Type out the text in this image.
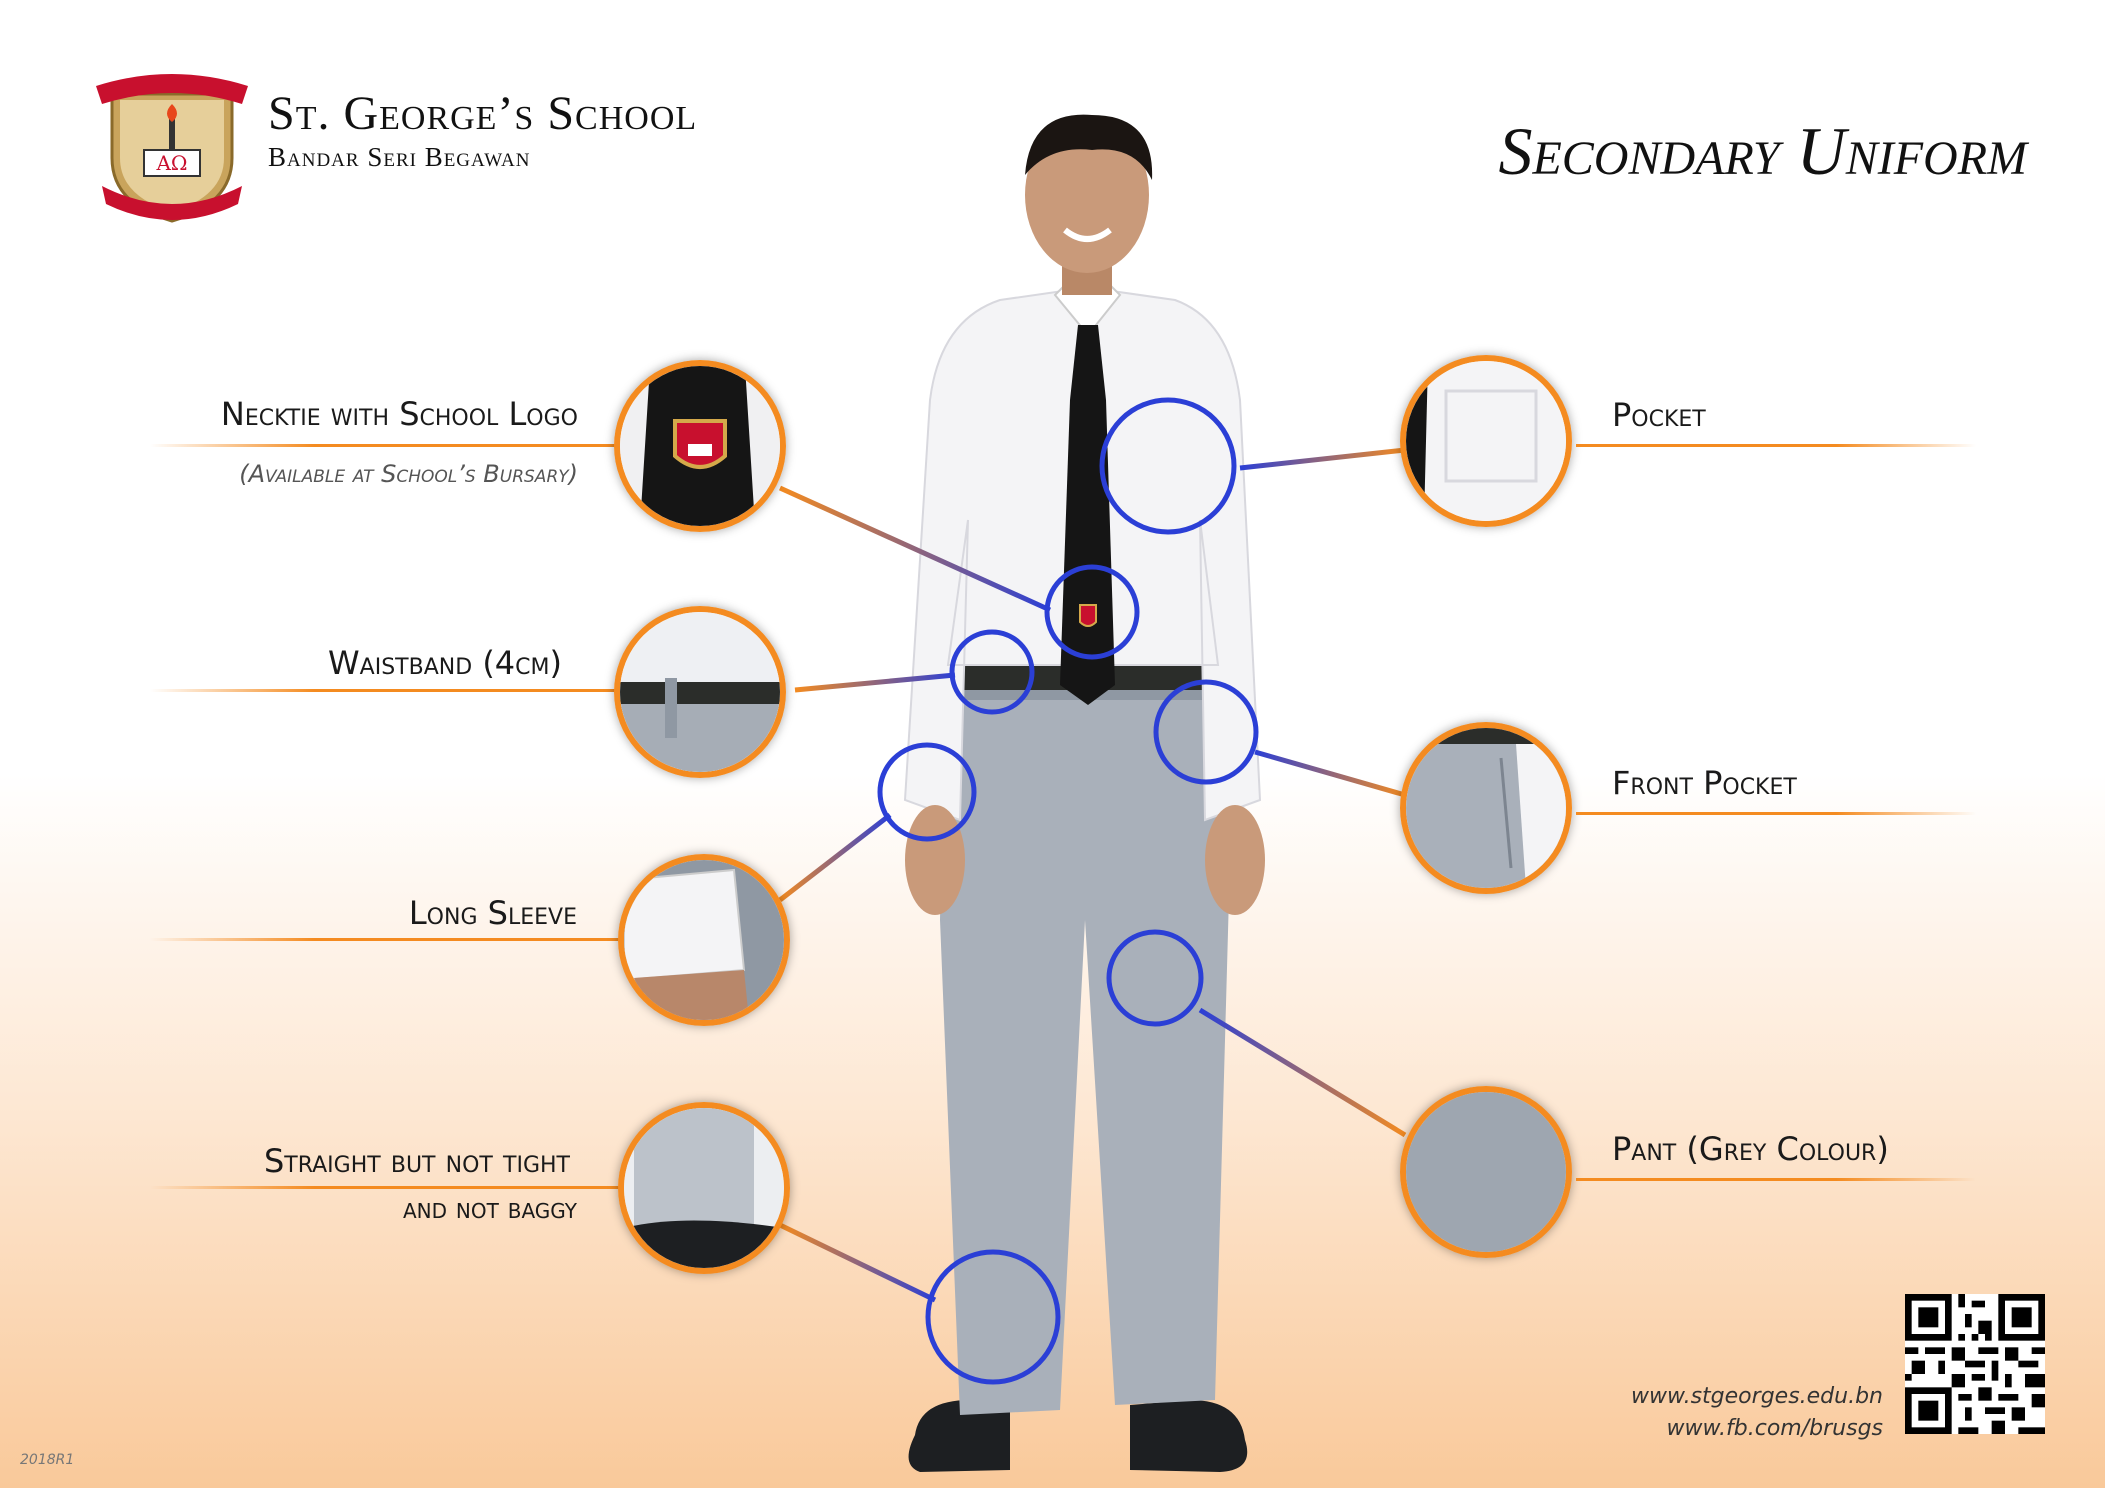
AΩ
St. George’s School
Bandar Seri Begawan	Secondary Uniform
Necktie with School Logo
(Available at School’s Bursary)
Waistband (4cm)
Long Sleeve
Straight but not tight
and not baggy
Pocket
Front Pocket
Pant (Grey Colour)
www.stgeorges.edu.bn
www.fb.com/brusgs
2018R1
